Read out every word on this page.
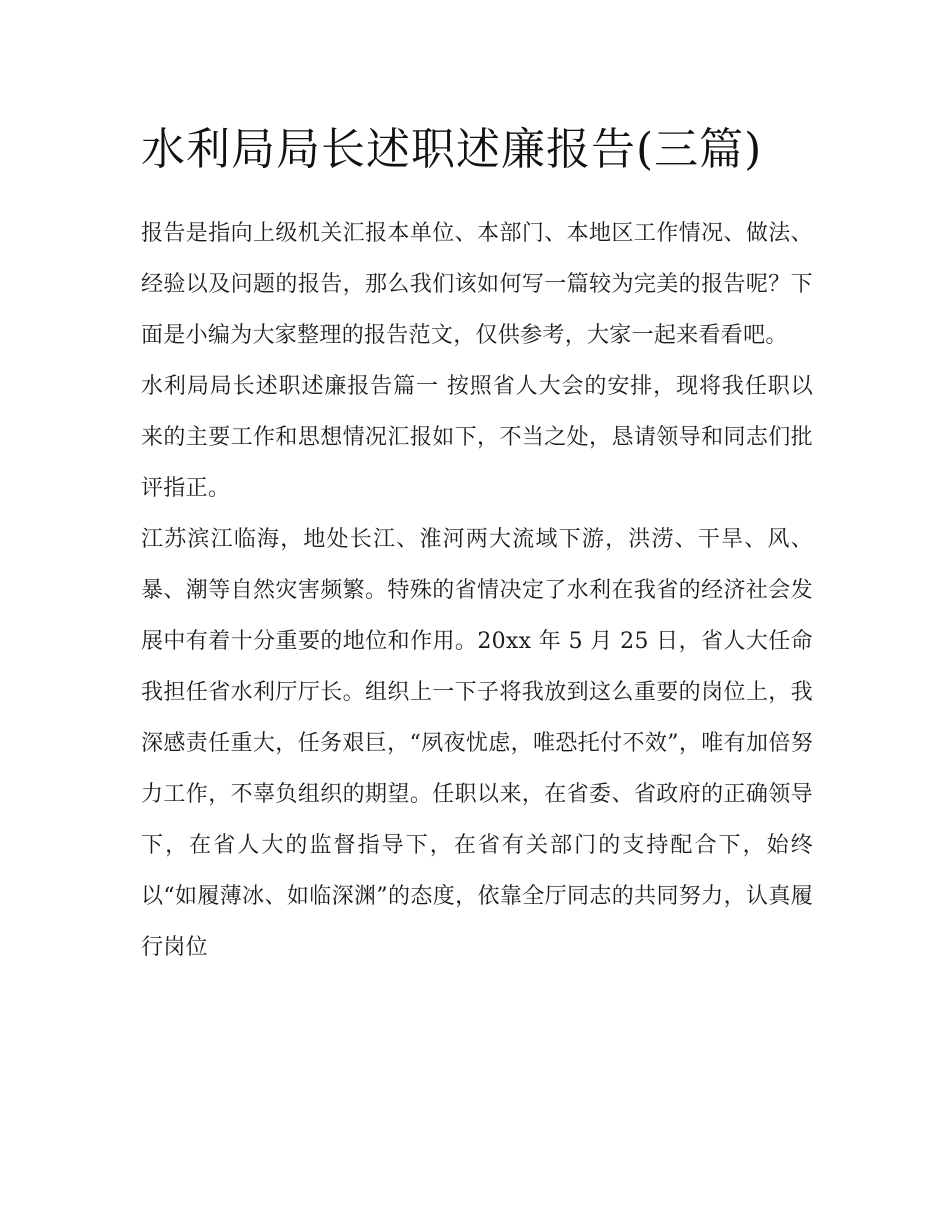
水利局局长述职述廉报告(三篇)

报告是指向上级机关汇报本单位、本部门、本地区工作情况、做法、经验以及问题的报告，那么我们该如何写一篇较为完美的报告呢？下面是小编为大家整理的报告范文，仅供参考，大家一起来看看吧。

水利局局长述职述廉报告篇一 按照省人大会的安排，现将我任职以来的主要工作和思想情况汇报如下，不当之处，恳请领导和同志们批评指正。

江苏滨江临海，地处长江、淮河两大流域下游，洪涝、干旱、风、暴、潮等自然灾害频繁。特殊的省情决定了水利在我省的经济社会发展中有着十分重要的地位和作用。20xx 年 5 月 25 日，省人大任命我担任省水利厅厅长。组织上一下子将我放到这么重要的岗位上，我深感责任重大，任务艰巨，“夙夜忧虑，唯恐托付不效”，唯有加倍努力工作，不辜负组织的期望。任职以来，在省委、省政府的正确领导下，在省人大的监督指导下，在省有关部门的支持配合下，始终以“如履薄冰、如临深渊”的态度，依靠全厅同志的共同努力，认真履行岗位
